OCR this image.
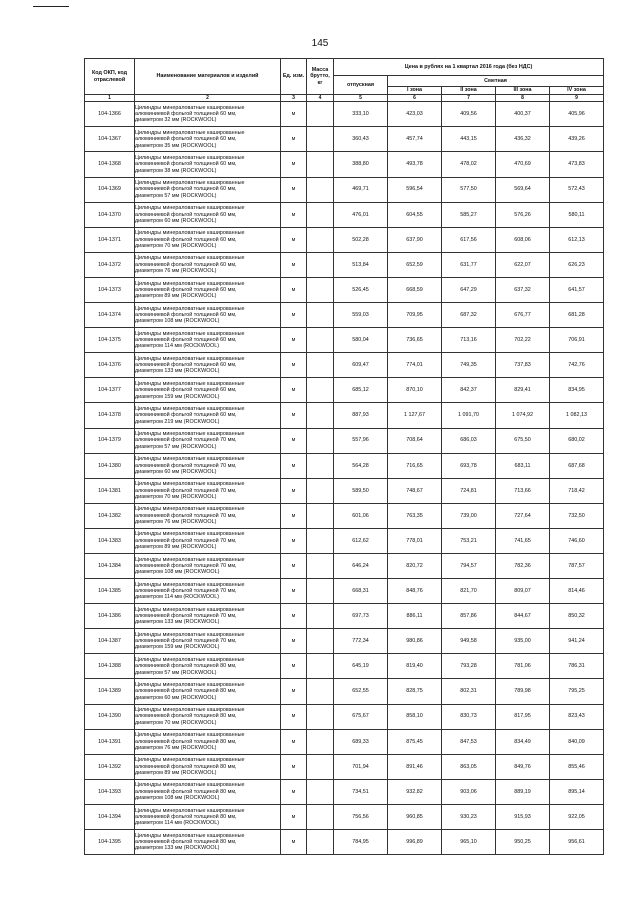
145
Код ОКП, код отраслевой	Наименование материалов и изделий	Ед. изм.	Масса брутто, кг	Цена в рублях на 1 квартал 2016 года (без НДС)				
				отпускная	Сметная			
					I зона	II зона	III зона	IV зона
1	2	3	4	5	6	7	8	9
104-1366	Цилиндры минераловатные кашированные
алюминиевой фольгой толщиной 60 мм,
диаметром 32 мм (ROCKWOOL)	м		333,10	423,03	409,56	400,37	405,96
104-1367	Цилиндры минераловатные кашированные
алюминиевой фольгой толщиной 60 мм,
диаметром 35 мм (ROCKWOOL)	м		360,43	457,74	443,15	436,32	439,26
104-1368	Цилиндры минераловатные кашированные
алюминиевой фольгой толщиной 60 мм,
диаметром 38 мм (ROCKWOOL)	м		388,80	493,78	478,02	470,69	473,83
104-1369	Цилиндры минераловатные кашированные
алюминиевой фольгой толщиной 60 мм,
диаметром 57 мм (ROCKWOOL)	м		469,71	596,54	577,50	569,64	572,43
104-1370	Цилиндры минераловатные кашированные
алюминиевой фольгой толщиной 60 мм,
диаметром 60 мм (ROCKWOOL)	м		476,01	604,55	585,27	576,26	580,11
104-1371	Цилиндры минераловатные кашированные
алюминиевой фольгой толщиной 60 мм,
диаметром 70 мм (ROCKWOOL)	м		502,28	637,90	617,56	608,06	612,13
104-1372	Цилиндры минераловатные кашированные
алюминиевой фольгой толщиной 60 мм,
диаметром 76 мм (ROCKWOOL)	м		513,84	652,59	631,77	622,07	626,23
104-1373	Цилиндры минераловатные кашированные
алюминиевой фольгой толщиной 60 мм,
диаметром 89 мм (ROCKWOOL)	м		526,45	668,59	647,29	637,32	641,57
104-1374	Цилиндры минераловатные кашированные
алюминиевой фольгой толщиной 60 мм,
диаметром 108 мм (ROCKWOOL)	м		559,03	709,95	687,32	676,77	681,28
104-1375	Цилиндры минераловатные кашированные
алюминиевой фольгой толщиной 60 мм,
диаметром 114 мм (ROCKWOOL)	м		580,04	736,65	713,16	702,22	706,91
104-1376	Цилиндры минераловатные кашированные
алюминиевой фольгой толщиной 60 мм,
диаметром 133 мм (ROCKWOOL)	м		609,47	774,01	749,35	737,83	742,76
104-1377	Цилиндры минераловатные кашированные
алюминиевой фольгой толщиной 60 мм,
диаметром 159 мм (ROCKWOOL)	м		685,12	870,10	842,37	829,41	834,95
104-1378	Цилиндры минераловатные кашированные
алюминиевой фольгой толщиной 60 мм,
диаметром 219 мм (ROCKWOOL)	м		887,93	1 127,67	1 091,70	1 074,92	1 082,13
104-1379	Цилиндры минераловатные кашированные
алюминиевой фольгой толщиной 70 мм,
диаметром 57 мм (ROCKWOOL)	м		557,96	708,64	686,03	675,50	680,02
104-1380	Цилиндры минераловатные кашированные
алюминиевой фольгой толщиной 70 мм,
диаметром 60 мм (ROCKWOOL)	м		564,28	716,65	693,78	683,11	687,68
104-1381	Цилиндры минераловатные кашированные
алюминиевой фольгой толщиной 70 мм,
диаметром 70 мм (ROCKWOOL)	м		589,50	748,67	724,81	713,66	718,42
104-1382	Цилиндры минераловатные кашированные
алюминиевой фольгой толщиной 70 мм,
диаметром 76 мм (ROCKWOOL)	м		601,06	763,35	739,00	727,64	732,50
104-1383	Цилиндры минераловатные кашированные
алюминиевой фольгой толщиной 70 мм,
диаметром 89 мм (ROCKWOOL)	м		612,62	778,01	753,21	741,65	746,60
104-1384	Цилиндры минераловатные кашированные
алюминиевой фольгой толщиной 70 мм,
диаметром 108 мм (ROCKWOOL)	м		646,24	820,72	794,57	782,36	787,57
104-1385	Цилиндры минераловатные кашированные
алюминиевой фольгой толщиной 70 мм,
диаметром 114 мм (ROCKWOOL)	м		668,31	848,76	821,70	809,07	814,46
104-1386	Цилиндры минераловатные кашированные
алюминиевой фольгой толщиной 70 мм,
диаметром 133 мм (ROCKWOOL)	м		697,73	886,11	857,86	844,67	850,32
104-1387	Цилиндры минераловатные кашированные
алюминиевой фольгой толщиной 70 мм,
диаметром 159 мм (ROCKWOOL)	м		772,34	980,86	949,58	935,00	941,24
104-1388	Цилиндры минераловатные кашированные
алюминиевой фольгой толщиной 80 мм,
диаметром 57 мм (ROCKWOOL)	м		645,19	819,40	793,28	781,06	786,31
104-1389	Цилиндры минераловатные кашированные
алюминиевой фольгой толщиной 80 мм,
диаметром 60 мм (ROCKWOOL)	м		652,55	828,75	802,31	789,98	795,25
104-1390	Цилиндры минераловатные кашированные
алюминиевой фольгой толщиной 80 мм,
диаметром 70 мм (ROCKWOOL)	м		675,67	858,10	830,73	817,95	823,43
104-1391	Цилиндры минераловатные кашированные
алюминиевой фольгой толщиной 80 мм,
диаметром 76 мм (ROCKWOOL)	м		689,33	875,45	847,53	834,49	840,09
104-1392	Цилиндры минераловатные кашированные
алюминиевой фольгой толщиной 80 мм,
диаметром 89 мм (ROCKWOOL)	м		701,94	891,46	863,05	849,76	855,46
104-1393	Цилиндры минераловатные кашированные
алюминиевой фольгой толщиной 80 мм,
диаметром 108 мм (ROCKWOOL)	м		734,51	932,82	903,06	889,19	895,14
104-1394	Цилиндры минераловатные кашированные
алюминиевой фольгой толщиной 80 мм,
диаметром 114 мм (ROCKWOOL)	м		756,56	960,85	930,23	915,93	922,05
104-1395	Цилиндры минераловатные кашированные
алюминиевой фольгой толщиной 80 мм,
диаметром 133 мм (ROCKWOOL)	м		784,95	996,89	965,10	950,25	956,61
